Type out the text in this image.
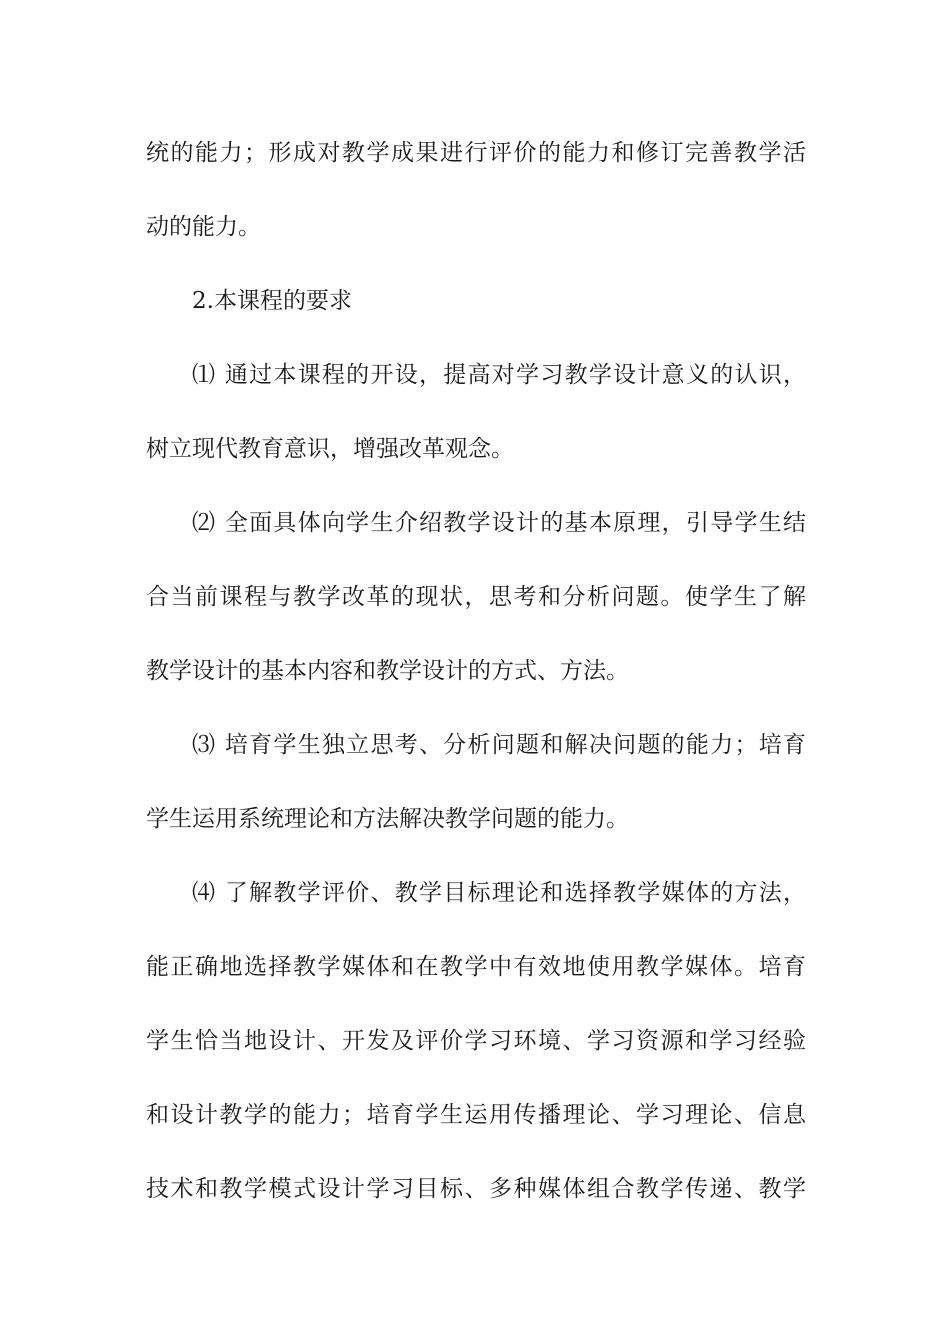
统的能力；形成对教学成果进行评价的能力和修订完善教学活
动的能力。
2.本课程的要求
⑴ 通过本课程的开设，提高对学习教学设计意义的认识，
树立现代教育意识，增强改革观念。
⑵ 全面具体向学生介绍教学设计的基本原理，引导学生结
合当前课程与教学改革的现状，思考和分析问题。使学生了解
教学设计的基本内容和教学设计的方式、方法。
⑶ 培育学生独立思考、分析问题和解决问题的能力；培育
学生运用系统理论和方法解决教学问题的能力。
⑷ 了解教学评价、教学目标理论和选择教学媒体的方法，
能正确地选择教学媒体和在教学中有效地使用教学媒体。培育
学生恰当地设计、开发及评价学习环境、学习资源和学习经验
和设计教学的能力；培育学生运用传播理论、学习理论、信息
技术和教学模式设计学习目标、多种媒体组合教学传递、教学
